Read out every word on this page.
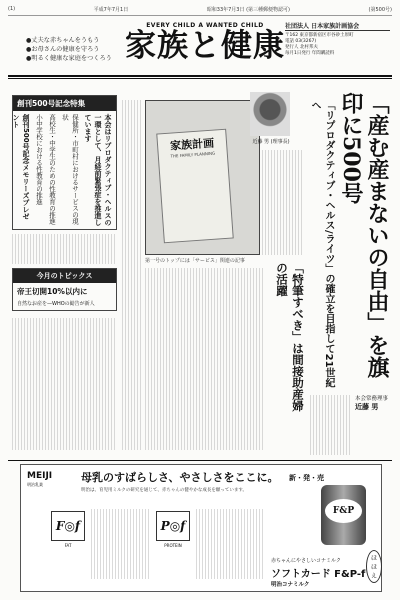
(1)	平成7年7月1日	昭和33年7月3日 (第三種郵便物認可)	(第500号)
●丈夫な赤ちゃんをうもう
●お母さんの健康を守ろう
●明るく健康な家庭をつくろう
EVERY CHILD A WANTED CHILD
家族と健康
社団法人 日本家族計画協会
〒162 東京都新宿区市谷砂土原町
電話 03(3267)
発行人 北村邦夫
毎月1日発行 年間購読料
創刊500号記念特集
本会はリプロダクティブ・ヘルスの一環として、月経前緊張症を推進しています
保健所・市町村におけるサービスの現状
高校生・中学生のための性教育の推進
小中学校における性教育の推進
創刊500号記念メモリーズプレゼント
今月のトピックス
帝王切開10%以内に
自然なお産を—WHOの勧告が新人
家族計画
THE FAMILY PLANNING
第一号のトップには「サービス」関連の記事
近藤 男 (理事長)	「産む産まないの自由」を旗印に500号
「リプロダクティブ・ヘルス/ライツ」の確立を目指して21世紀へ
「特筆すべき」は間接助産婦の活躍
本会常務理事
近藤 男
MEIJI
明治乳業
母乳のすばらしさ、やさしさをここに。
明治は、育児用ミルクの研究を通じて、赤ちゃんの健やかな成長を願っています。
F◎f
FAT
P◎f
PROTEIN
新・発・売
F&P
赤ちゃんにやさしいコナミルク	ほほえ
明治コナミルク
ソフトカード F&P-f
